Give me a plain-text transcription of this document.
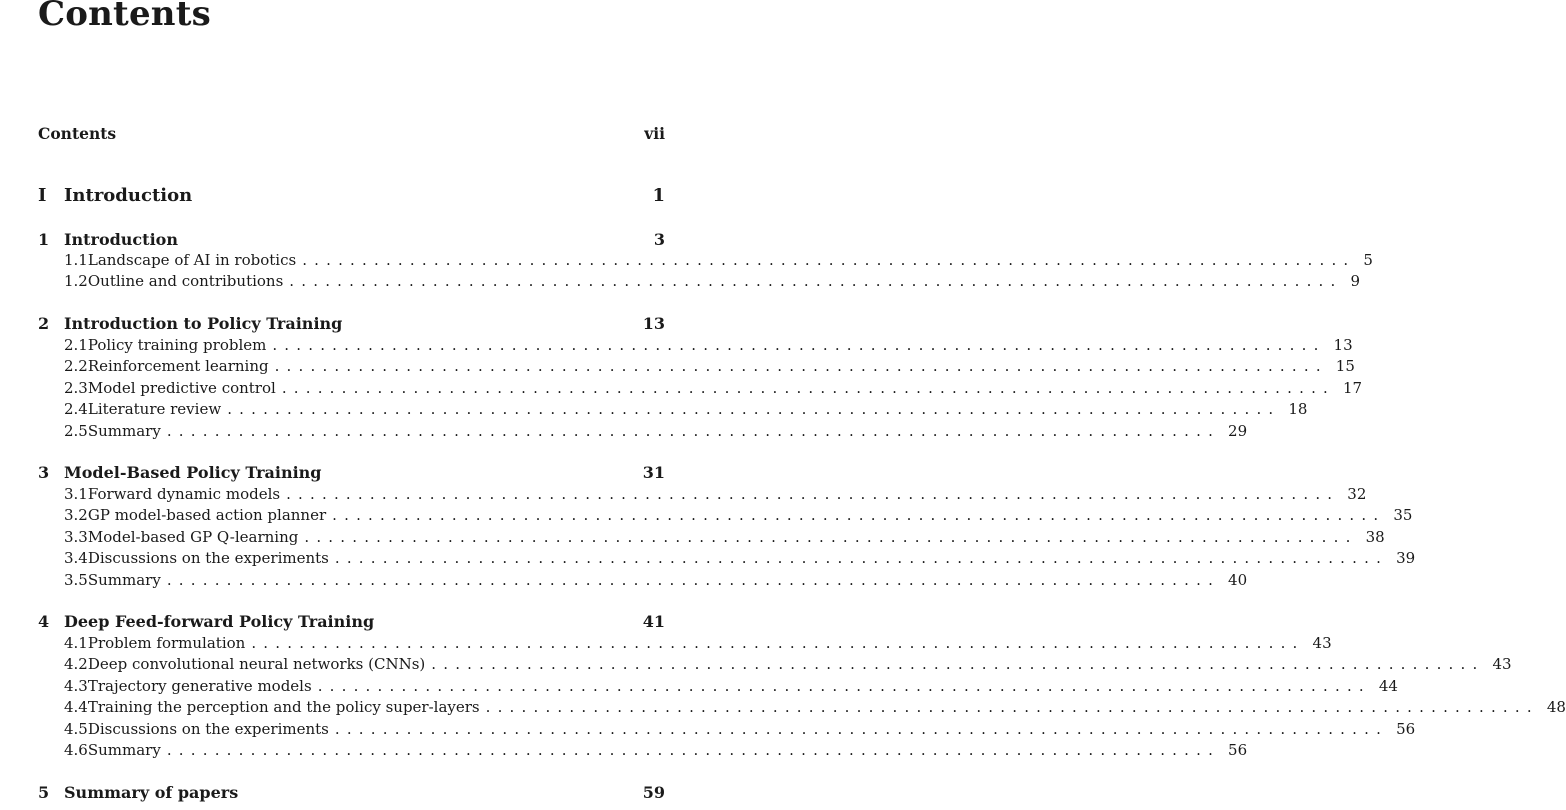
Contents
Contents	vii
I Introduction	1
1 Introduction	3
1.1 Landscape of AI in robotics ........................................................................................ 5
1.2 Outline and contributions ........................................................................................ 9
2 Introduction to Policy Training	13
2.1 Policy training problem ........................................................................................ 13
2.2 Reinforcement learning ........................................................................................ 15
2.3 Model predictive control ........................................................................................ 17
2.4 Literature review ........................................................................................ 18
2.5 Summary ........................................................................................ 29
3 Model-Based Policy Training	31
3.1 Forward dynamic models ........................................................................................ 32
3.2 GP model-based action planner ........................................................................................ 35
3.3 Model-based GP Q-learning ........................................................................................ 38
3.4 Discussions on the experiments ........................................................................................ 39
3.5 Summary ........................................................................................ 40
4 Deep Feed-forward Policy Training	41
4.1 Problem formulation ........................................................................................ 43
4.2 Deep convolutional neural networks (CNNs) ........................................................................................ 43
4.3 Trajectory generative models ........................................................................................ 44
4.4 Training the perception and the policy super-layers ........................................................................................ 48
4.5 Discussions on the experiments ........................................................................................ 56
4.6 Summary ........................................................................................ 56
5 Summary of papers	59
